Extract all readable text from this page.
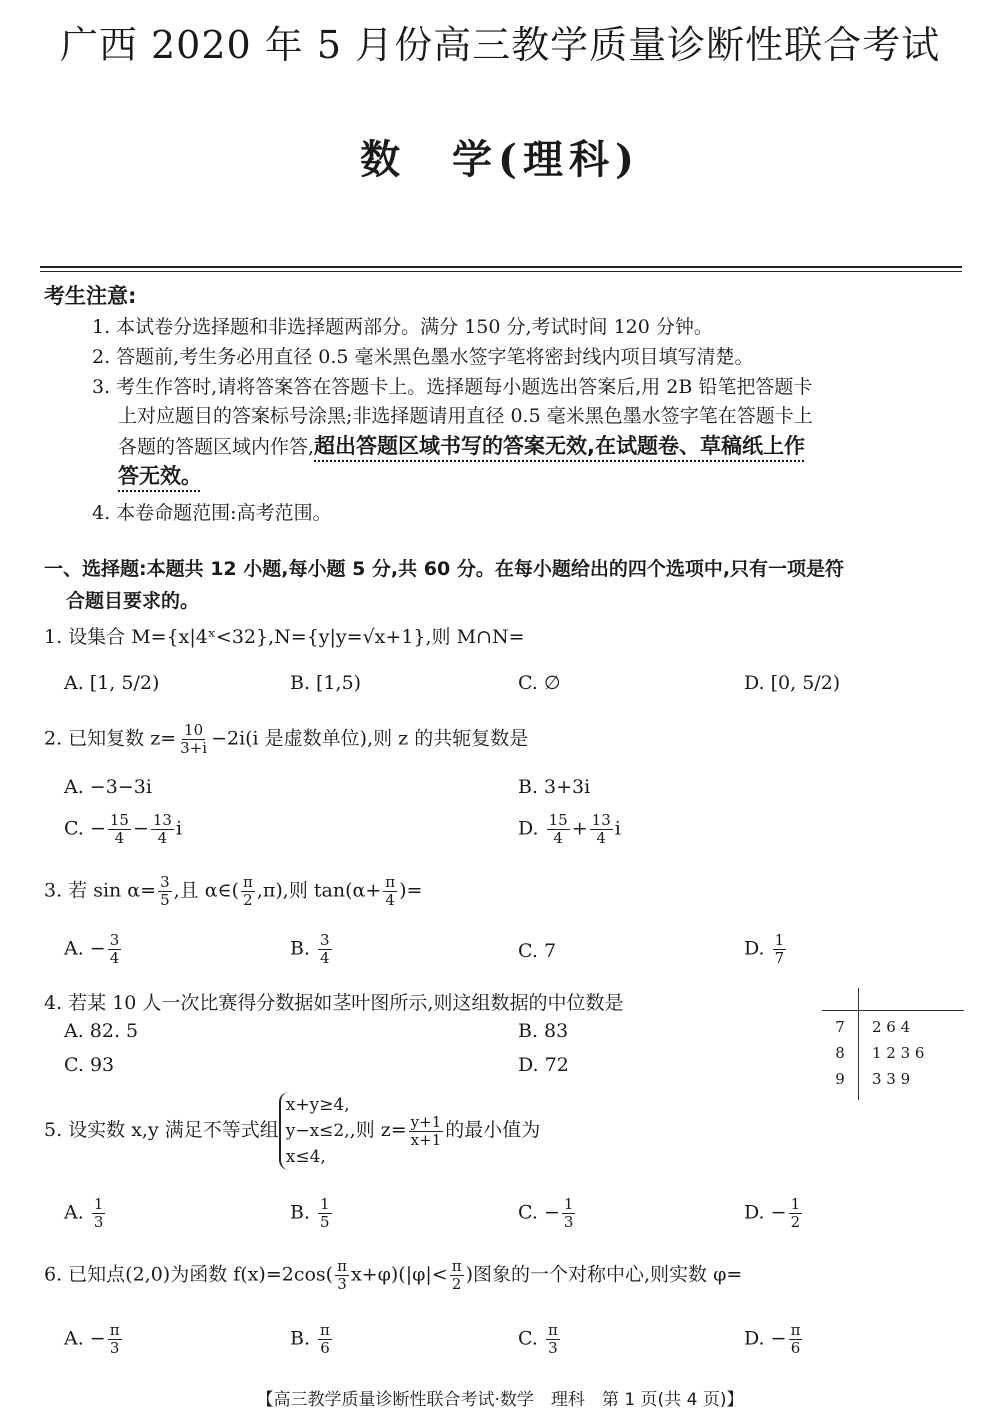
广西 2020 年 5 月份高三教学质量诊断性联合考试
数　学(理科)
考生注意:
1. 本试卷分选择题和非选择题两部分。满分 150 分,考试时间 120 分钟。
2. 答题前,考生务必用直径 0.5 毫米黑色墨水签字笔将密封线内项目填写清楚。
3. 考生作答时,请将答案答在答题卡上。选择题每小题选出答案后,用 2B 铅笔把答题卡
上对应题目的答案标号涂黑;非选择题请用直径 0.5 毫米黑色墨水签字笔在答题卡上
各题的答题区域内作答,超出答题区域书写的答案无效,在试题卷、草稿纸上作
答无效。
4. 本卷命题范围:高考范围。
一、选择题:本题共 12 小题,每小题 5 分,共 60 分。在每小题给出的四个选项中,只有一项是符
合题目要求的。
1. 设集合 M={x|4ˣ<32},N={y|y=√x+1},则 M∩N=
A. [1, 5/2)	B. [1,5)	C. ∅	D. [0, 5/2)
2. 已知复数 $z= \frac{10}{3+i} -2i(i$ 是虚数单位),则 z 的共轭复数是
A. −3−3i	B. 3+3i
C. − $\frac{15}{4} - \frac{13}{4}$ i	D. $\frac{15}{4} + \frac{13}{4}$ i
3. 若 $\sin \alpha= \frac{3}{5}$ ,且 α∈( $\frac{\pi}{2} ,\pi$),则 $\tan(\alpha+ \frac{\pi}{4}$ )=
A. − $\frac{3}{4}$	B. $\frac{3}{4}$	C. 7	D. $\frac{1}{7}$
4. 若某 10 人一次比赛得分数据如茎叶图所示,则这组数据的中位数是
A. 82. 5	B. 83
C. 93	D. 72
7	2 6 4
8	1 2 3 6
9	3 3 9
5. 设实数 x,y 满足不等式组
x+y≥4,
y−x≤2,
x≤4,
,则 $z= \frac{y+1}{x+1}$ 的最小值为
A. $\frac{1}{3}$	B. $\frac{1}{5}$	C. − $\frac{1}{3}$	D. − $\frac{1}{2}$
6. 已知点(2,0)为函数 $f(x)=2\cos( \frac{\pi}{3} x+\varphi)(|\varphi|< \frac{\pi}{2}$ )图象的一个对称中心,则实数 φ=
A. − $\frac{\pi}{3}$	B. $\frac{\pi}{6}$	C. $\frac{\pi}{3}$	D. − $\frac{\pi}{6}$
【高三教学质量诊断性联合考试·数学　理科　第 1 页(共 4 页)】
